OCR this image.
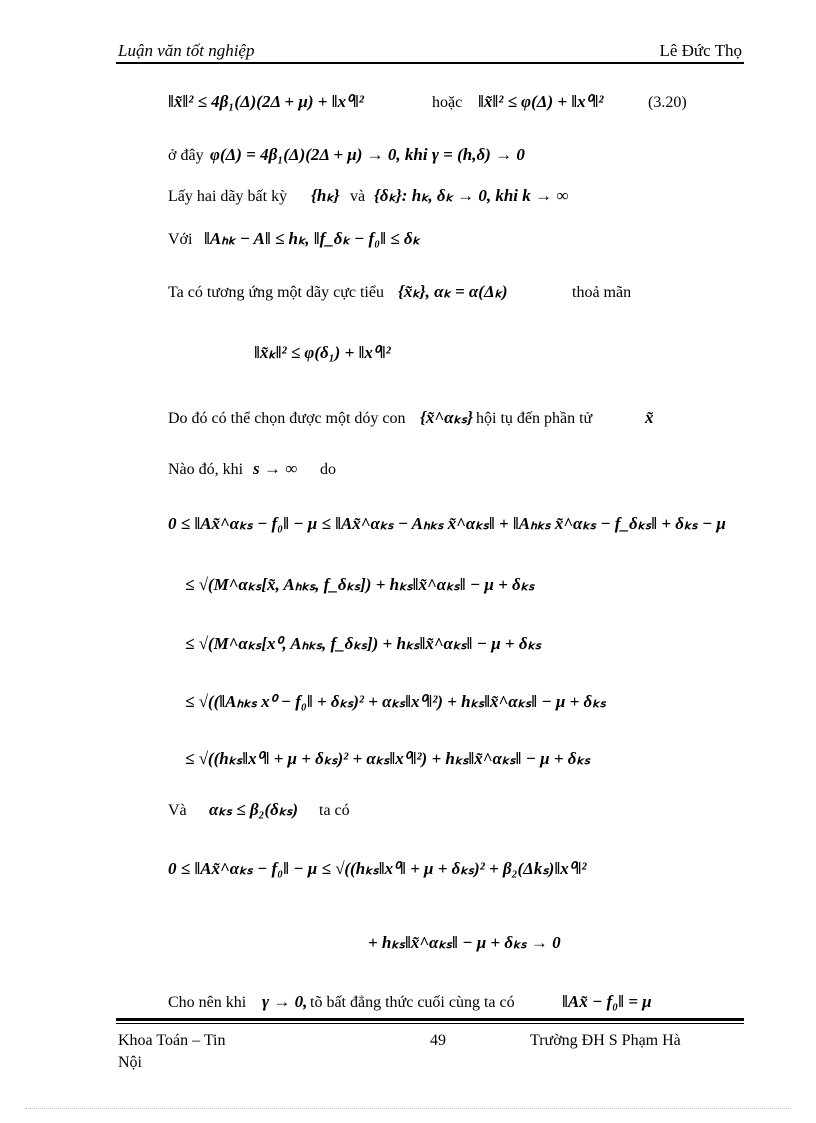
Luận văn tốt nghiệp	Lê Đức Thọ
‖x̃‖² ≤ 4β₁(Δ)(2Δ + μ) + ‖x⁰‖²	hoặc ‖x̃‖² ≤ φ(Δ) + ‖x⁰‖²	(3.20)
ở đây φ(Δ) = 4β₁(Δ)(2Δ + μ) → 0, khi γ = (h,δ) → 0
Lấy hai dãy bất kỳ {hₖ} và {δₖ}: hₖ, δₖ → 0, khi k → ∞
Với ‖Aₕₖ − A‖ ≤ hₖ, ‖f_δₖ − f₀‖ ≤ δₖ
Ta có tương ứng một dãy cực tiểu {x̃ₖ}, αₖ = α(Δₖ)	thoả mãn
‖x̃ₖ‖² ≤ φ(δ₁) + ‖x⁰‖²
Do đó có thể chọn được một dóy con {x̃^αₖₛ} hội tụ đến phần tử	x̃
Nào đó, khi s → ∞ do
0 ≤ ‖Ax̃^αₖₛ − f₀‖ − μ ≤ ‖Ax̃^αₖₛ − Aₕₖₛ x̃^αₖₛ‖ + ‖Aₕₖₛ x̃^αₖₛ − f_δₖₛ‖ + δₖₛ − μ
≤ √(M^αₖₛ[x̃, Aₕₖₛ, f_δₖₛ]) + hₖₛ‖x̃^αₖₛ‖ − μ + δₖₛ
≤ √(M^αₖₛ[x⁰, Aₕₖₛ, f_δₖₛ]) + hₖₛ‖x̃^αₖₛ‖ − μ + δₖₛ
≤ √((‖Aₕₖₛ x⁰ − f₀‖ + δₖₛ)² + αₖₛ‖x⁰‖²) + hₖₛ‖x̃^αₖₛ‖ − μ + δₖₛ
≤ √((hₖₛ‖x⁰‖ + μ + δₖₛ)² + αₖₛ‖x⁰‖²) + hₖₛ‖x̃^αₖₛ‖ − μ + δₖₛ
Và αₖₛ ≤ β₂(δₖₛ) ta có
0 ≤ ‖Ax̃^αₖₛ − f₀‖ − μ ≤ √((hₖₛ‖x⁰‖ + μ + δₖₛ)² + β₂(Δkₛ)‖x⁰‖²
+ hₖₛ‖x̃^αₖₛ‖ − μ + δₖₛ → 0
Cho nên khi γ → 0, tõ bất đẳng thức cuối cùng ta có	‖Ax̃ − f₀‖ = μ
Khoa Toán – Tin
Nội
49	Trường ĐH S Phạm Hà
